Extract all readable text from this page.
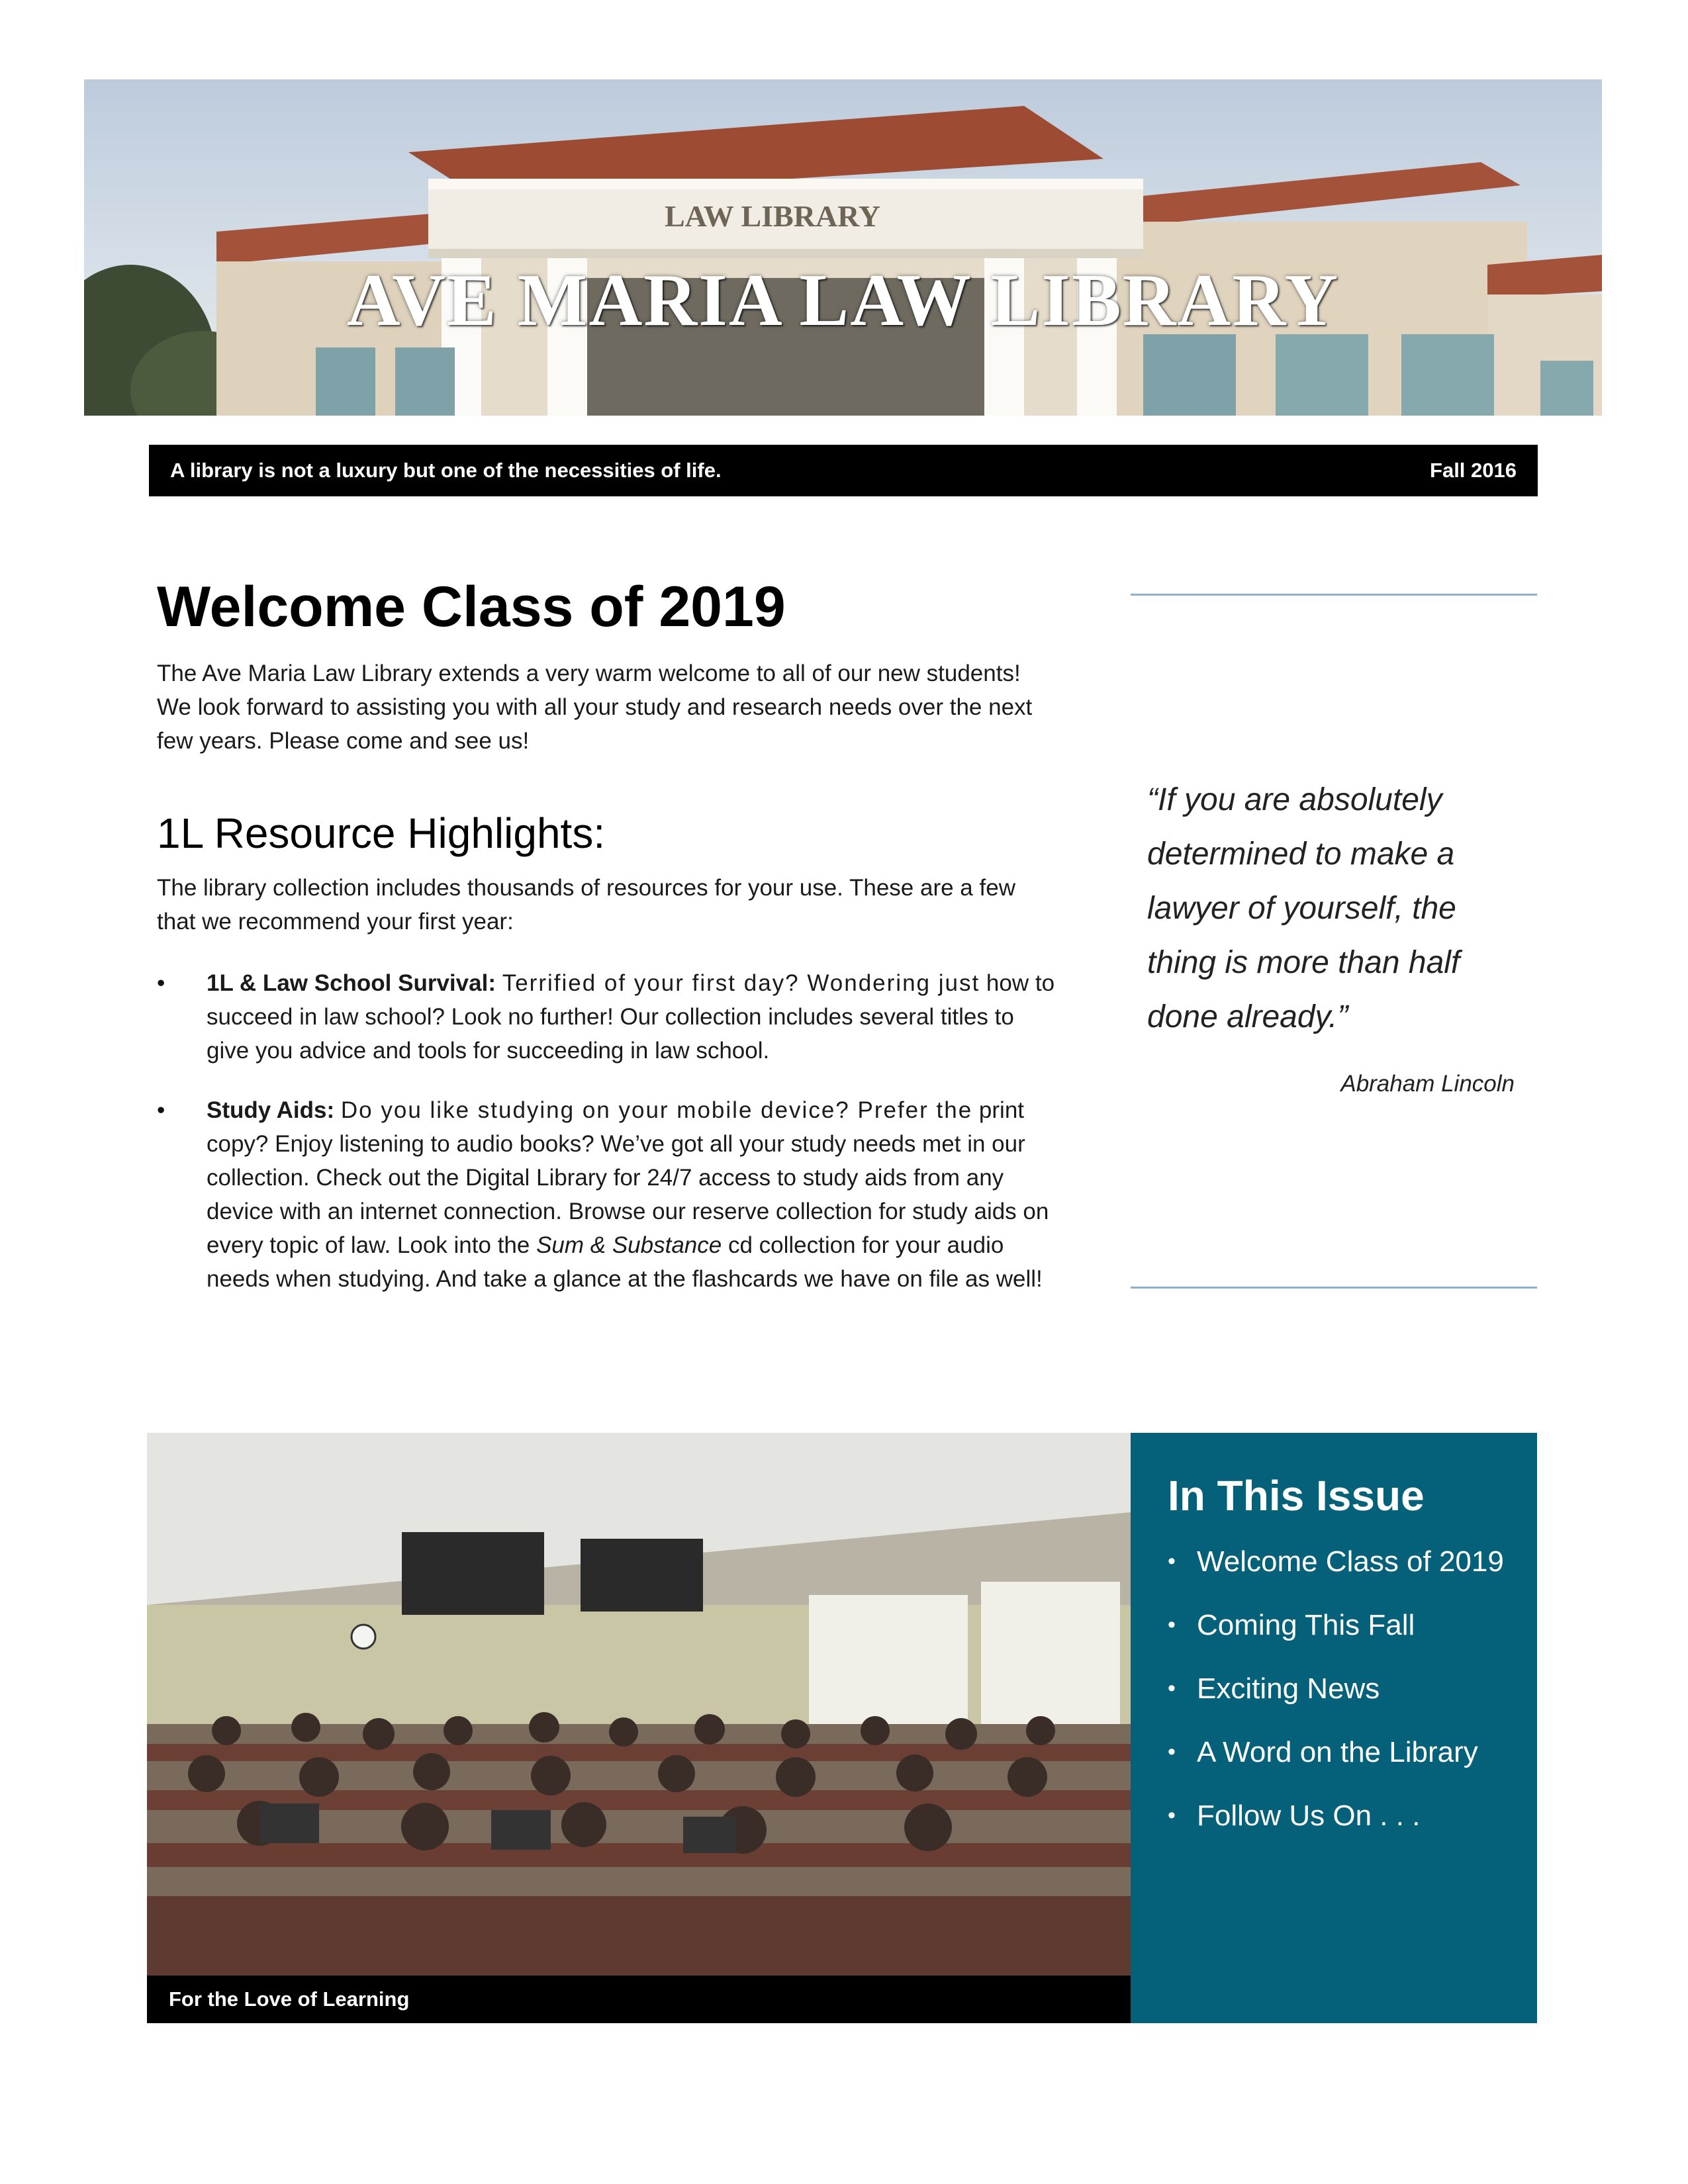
LAW LIBRARY
AVE MARIA LAW LIBRARY
A library is not a luxury but one of the necessities of life.	Fall 2016
Welcome Class of 2019
The Ave Maria Law Library extends a very warm welcome to all of our new students! We look forward to assisting you with all your study and research needs over the next few years. Please come and see us!
1L Resource Highlights:
The library collection includes thousands of resources for your use. These are a few that we recommend your first year:
• 1L & Law School Survival: Terrified of your first day? Wondering just how to succeed in law school? Look no further! Our collection includes several titles to give you advice and tools for succeeding in law school.
• Study Aids: Do you like studying on your mobile device? Prefer the print copy? Enjoy listening to audio books? We’ve got all your study needs met in our collection. Check out the Digital Library for 24/7 access to study aids from any device with an internet connection. Browse our reserve collection for study aids on every topic of law. Look into the Sum & Substance cd collection for your audio needs when studying. And take a glance at the flashcards we have on file as well!
“If you are absolutely determined to make a lawyer of yourself, the thing is more than half done already.”
Abraham Lincoln
For the Love of Learning
In This Issue
• Welcome Class of 2019
• Coming This Fall
• Exciting News
• A Word on the Library
• Follow Us On . . .
